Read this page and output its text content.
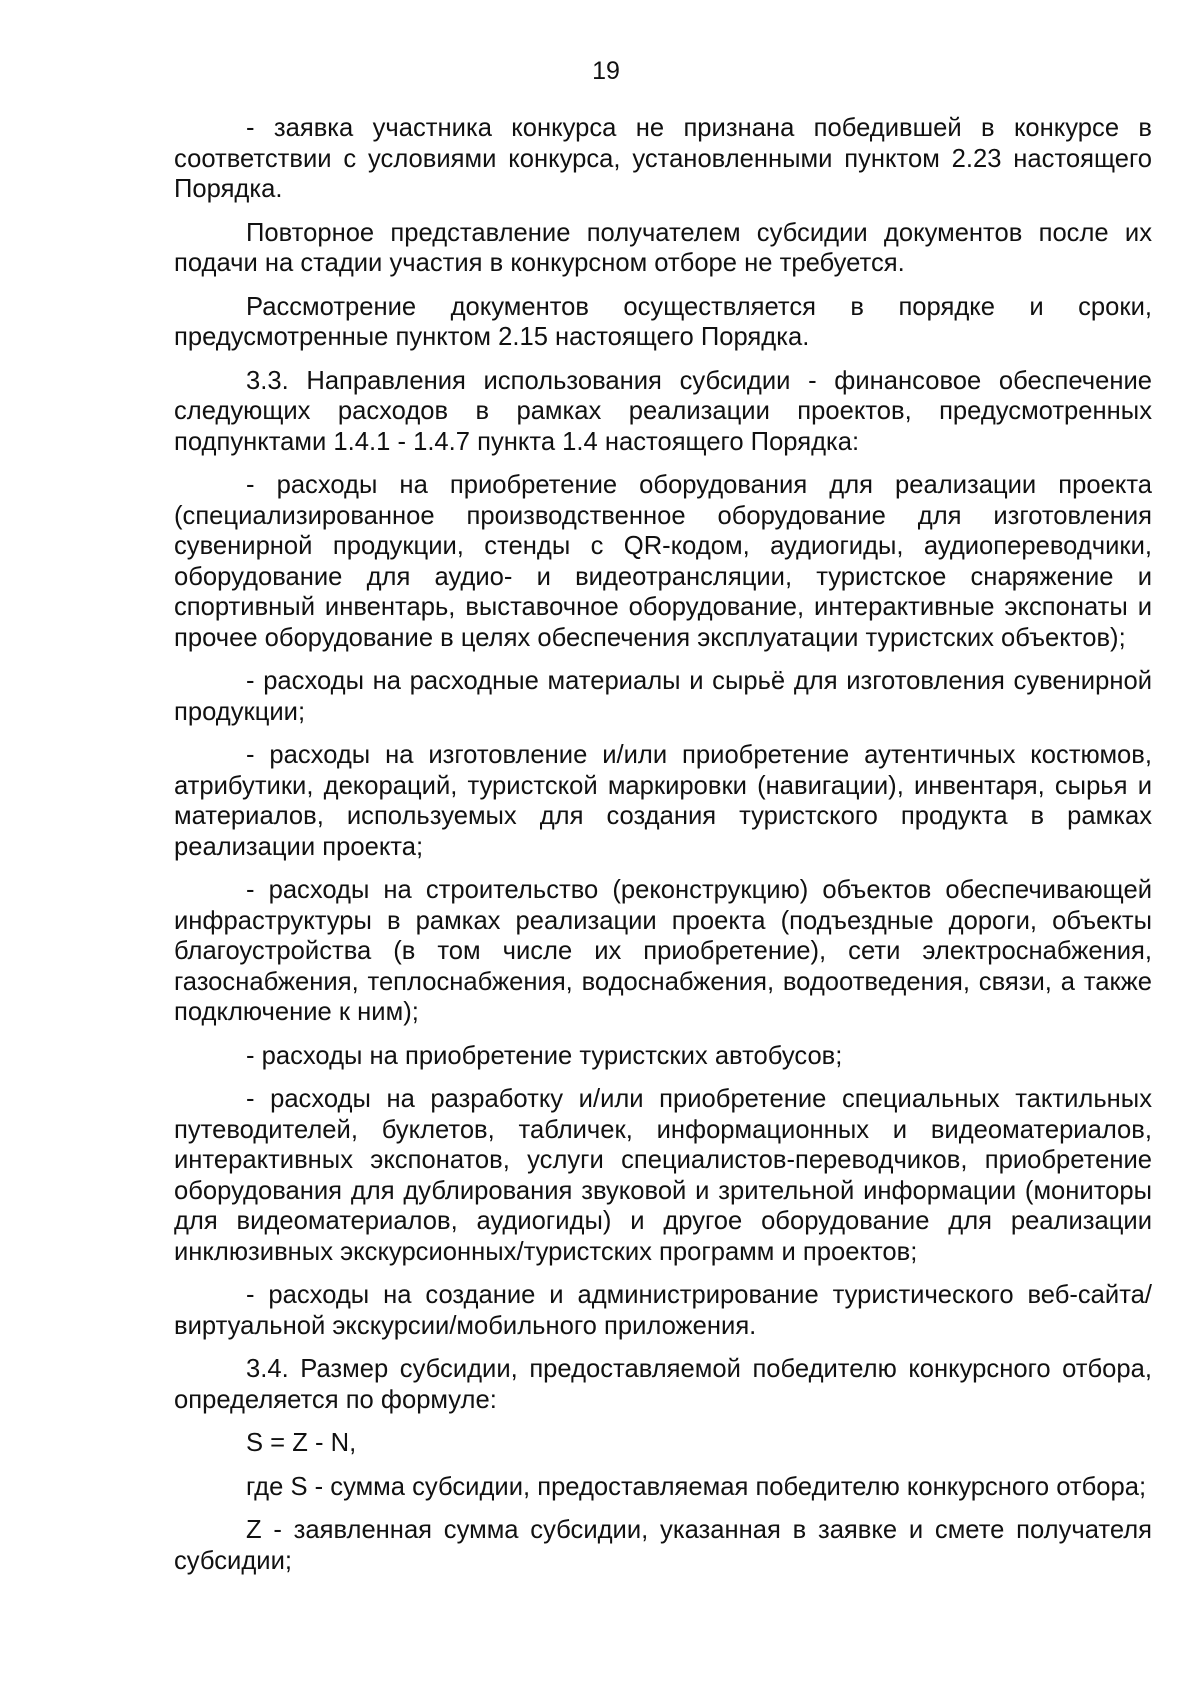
19

- заявка участника конкурса не признана победившей в конкурсе в соответствии с условиями конкурса, установленными пунктом 2.23 настоящего Порядка.

Повторное представление получателем субсидии документов после их подачи на стадии участия в конкурсном отборе не требуется.

Рассмотрение документов осуществляется в порядке и сроки, предусмотренные пунктом 2.15 настоящего Порядка.

3.3. Направления использования субсидии - финансовое обеспечение следующих расходов в рамках реализации проектов, предусмотренных подпунктами 1.4.1 - 1.4.7 пункта 1.4 настоящего Порядка:

- расходы на приобретение оборудования для реализации проекта (специализированное производственное оборудование для изготовления сувенирной продукции, стенды с QR-кодом, аудиогиды, аудиопереводчики, оборудование для аудио- и видеотрансляции, туристское снаряжение и спортивный инвентарь, выставочное оборудование, интерактивные экспонаты и прочее оборудование в целях обеспечения эксплуатации туристских объектов);

- расходы на расходные материалы и сырьё для изготовления сувенирной продукции;

- расходы на изготовление и/или приобретение аутентичных костюмов, атрибутики, декораций, туристской маркировки (навигации), инвентаря, сырья и материалов, используемых для создания туристского продукта в рамках реализации проекта;

- расходы на строительство (реконструкцию) объектов обеспечивающей инфраструктуры в рамках реализации проекта (подъездные дороги, объекты благоустройства (в том числе их приобретение), сети электроснабжения, газоснабжения, теплоснабжения, водоснабжения, водоотведения, связи, а также подключение к ним);

- расходы на приобретение туристских автобусов;

- расходы на разработку и/или приобретение специальных тактильных путеводителей, буклетов, табличек, информационных и видеоматериалов, интерактивных экспонатов, услуги специалистов-переводчиков, приобретение оборудования для дублирования звуковой и зрительной информации (мониторы для видеоматериалов, аудиогиды) и другое оборудование для реализации инклюзивных экскурсионных/туристских программ и проектов;

- расходы на создание и администрирование туристического веб-сайта/виртуальной экскурсии/мобильного приложения.

3.4. Размер субсидии, предоставляемой победителю конкурсного отбора, определяется по формуле:

S = Z - N,

где S - сумма субсидии, предоставляемая победителю конкурсного отбора;

Z - заявленная сумма субсидии, указанная в заявке и смете получателя субсидии;
